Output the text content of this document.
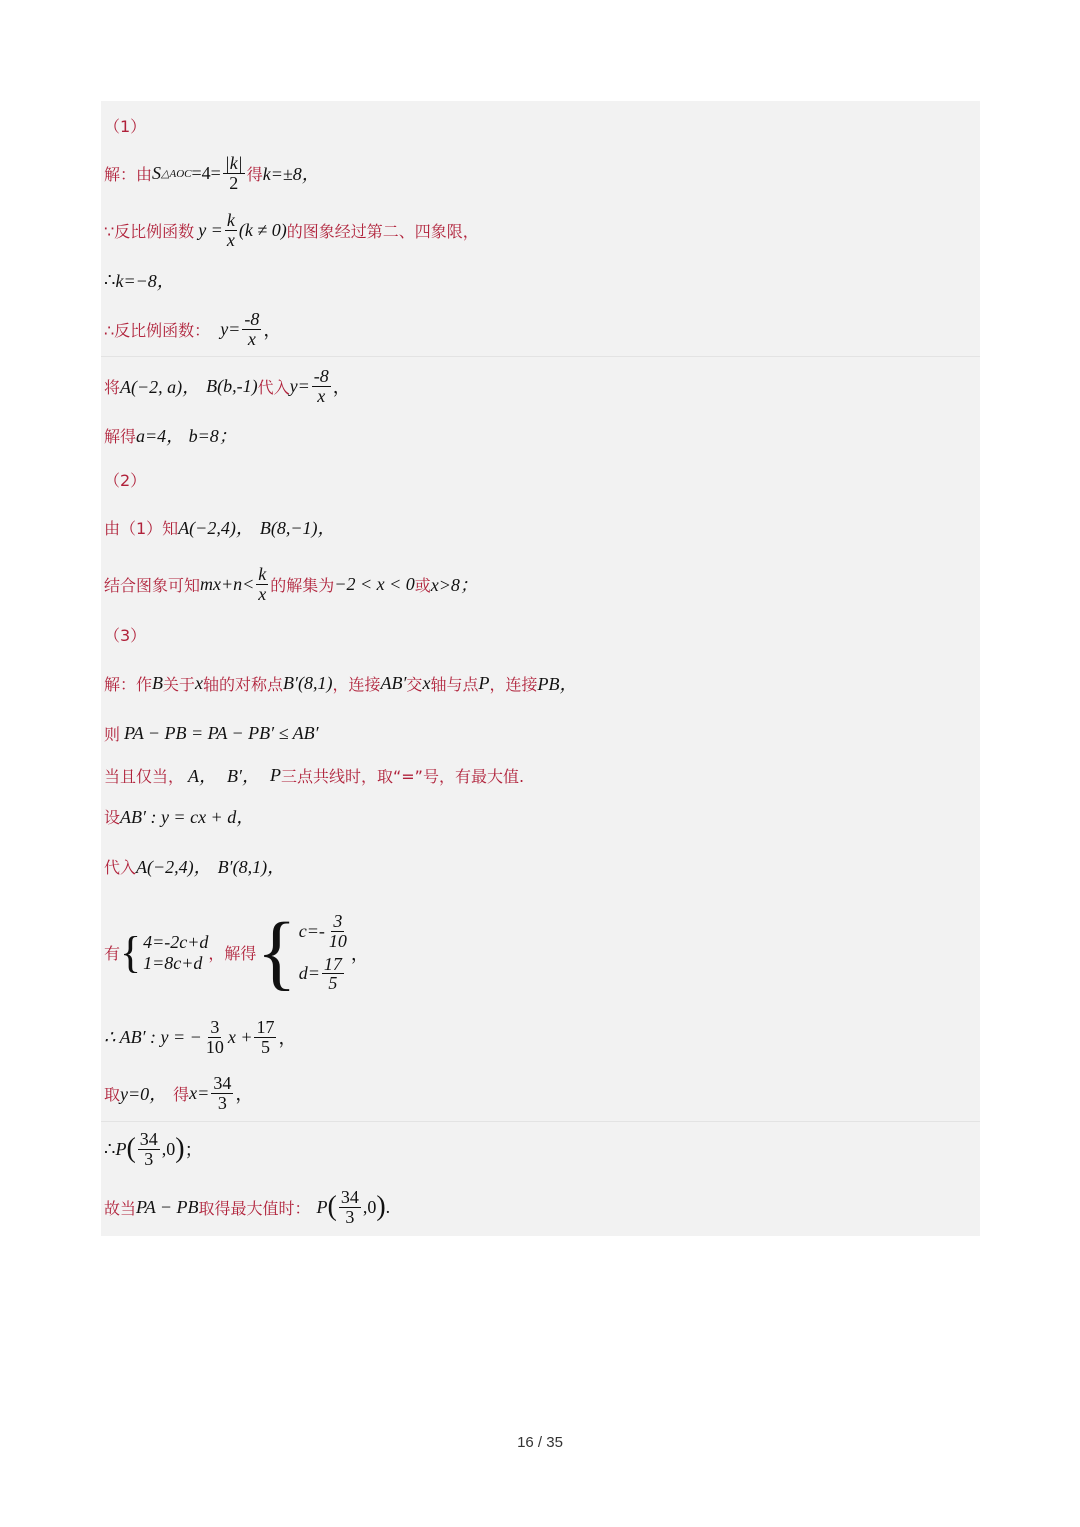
（1）
解：由 S △AOC $=4= \frac{|k|}{2}$ 得 k=±8，
∵反比例函数 $y = \frac{k}{x} (k \ne 0)$ 的图象经过第二、四象限，
∴ k=−8，
∴反比例函数： $y= \frac{-8}{x}$ ，
将 A(−2, a)， B(b,-1) 代入 $y= \frac{-8}{x}$ ，
解得 a=4， b=8；
（2）
由（1）知 A(−2,4)， B(8,−1)，
结合图象可知 $mx+n< \frac{k}{x}$ 的解集为 −2 < x < 0 或 x>8；
（3）
解：作 B 关于 x 轴的对称点 B′(8,1) ，连接 AB′ 交 x 轴与点 P ，连接 PB，
则 PA − PB = PA − PB′ ≤ AB′
当且仅当， A， B′， P 三点共线时，取“=”号，有最大值.
设 AB′ : y = cx + d，
代入 A(−2,4)， B′(8,1)，
有 { 4=-2c+d
1=8c+d ，解得 { $c=- \frac{3}{10}$
$d= \frac{17}{5}$
，
∴ AB′ : y = − $\frac{3}{10}$ $x + \frac{17}{5}$ ，
取 y=0， 得 $x= \frac{34}{3}$ ，
∴ P ( $\frac{34}{3} ,0$ ) ；
故当 PA − PB 取得最大值时： P ( $\frac{34}{3} ,0$ ) .
16 / 35
